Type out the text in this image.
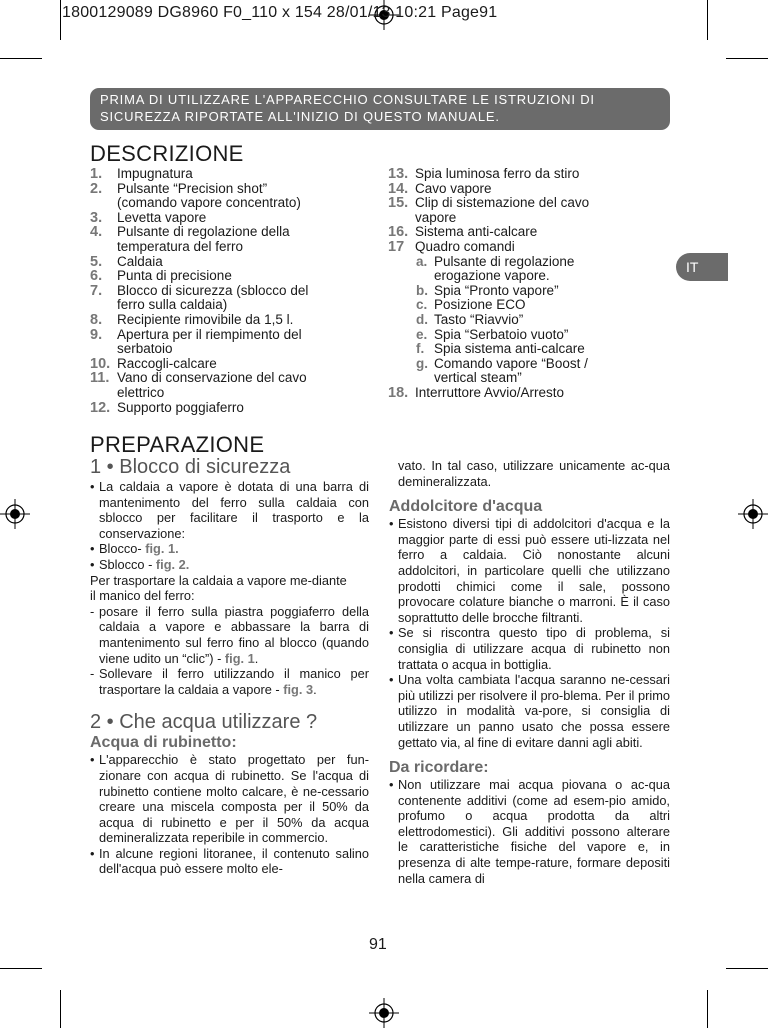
1800129089 DG8960 F0_110 x 154 28/01/13 10:21 Page91
PRIMA DI UTILIZZARE L'APPARECCHIO CONSULTARE LE ISTRUZIONI DI
SICUREZZA RIPORTATE ALL'INIZIO DI QUESTO MANUALE.
IT
DESCRIZIONE
1.	Impugnatura
2.	Pulsante “Precision shot”
(comando vapore concentrato)
3.	Levetta vapore
4.	Pulsante di regolazione della
temperatura del ferro
5.	Caldaia
6.	Punta di precisione
7.	Blocco di sicurezza (sblocco del
ferro sulla caldaia)
8.	Recipiente rimovibile da 1,5 l.
9.	Apertura per il riempimento del
serbatoio
10. Raccogli-calcare
11. Vano di conservazione del cavo
elettrico
12. Supporto poggiaferro
13. Spia luminosa ferro da stiro
14. Cavo vapore
15. Clip di sistemazione del cavo
vapore
16. Sistema anti-calcare
17 Quadro comandi
a. Pulsante di regolazione
erogazione vapore.
b. Spia “Pronto vapore”
c. Posizione ECO
d. Tasto “Riavvio”
e. Spia “Serbatoio vuoto”
f. Spia sistema anti-calcare
g. Comando vapore “Boost /
vertical steam”
18. Interruttore Avvio/Arresto
PREPARAZIONE
1 • Blocco di sicurezza
• La caldaia a vapore è dotata di una barra di mantenimento del ferro sulla caldaia con sblocco per facilitare il trasporto e la conservazione:
• Blocco- fig. 1.
• Sblocco - fig. 2.
Per trasportare la caldaia a vapore me-diante
il manico del ferro:
- posare il ferro sulla piastra poggiaferro della caldaia a vapore e abbassare la barra di mantenimento sul ferro fino al blocco (quando viene udito un “clic”) - fig. 1.
- Sollevare il ferro utilizzando il manico per trasportare la caldaia a vapore - fig. 3.
2 • Che acqua utilizzare ?
Acqua di rubinetto:
• L'apparecchio è stato progettato per fun-zionare con acqua di rubinetto. Se l'acqua di rubinetto contiene molto calcare, è ne-cessario creare una miscela composta per il 50% da acqua di rubinetto e per il 50% da acqua demineralizzata reperibile in commercio.
• In alcune regioni litoranee, il contenuto salino dell'acqua può essere molto ele-
vato. In tal caso, utilizzare unicamente ac-qua demineralizzata.
Addolcitore d'acqua
• Esistono diversi tipi di addolcitori d'acqua e la maggior parte di essi può essere uti-lizzata nel ferro a caldaia. Ciò nonostante alcuni addolcitori, in particolare quelli che utilizzano prodotti chimici come il sale, possono provocare colature bianche o marroni. È il caso soprattutto delle brocche filtranti.
• Se si riscontra questo tipo di problema, si consiglia di utilizzare acqua di rubinetto non trattata o acqua in bottiglia.
• Una volta cambiata l'acqua saranno ne-cessari più utilizzi per risolvere il pro-blema. Per il primo utilizzo in modalità va-pore, si consiglia di utilizzare un panno usato che possa essere gettato via, al fine di evitare danni agli abiti.
Da ricordare:
• Non utilizzare mai acqua piovana o ac-qua contenente additivi (come ad esem-pio amido, profumo o acqua prodotta da altri elettrodomestici). Gli additivi possono alterare le caratteristiche fisiche del vapore e, in presenza di alte tempe-rature, formare depositi nella camera di
91
